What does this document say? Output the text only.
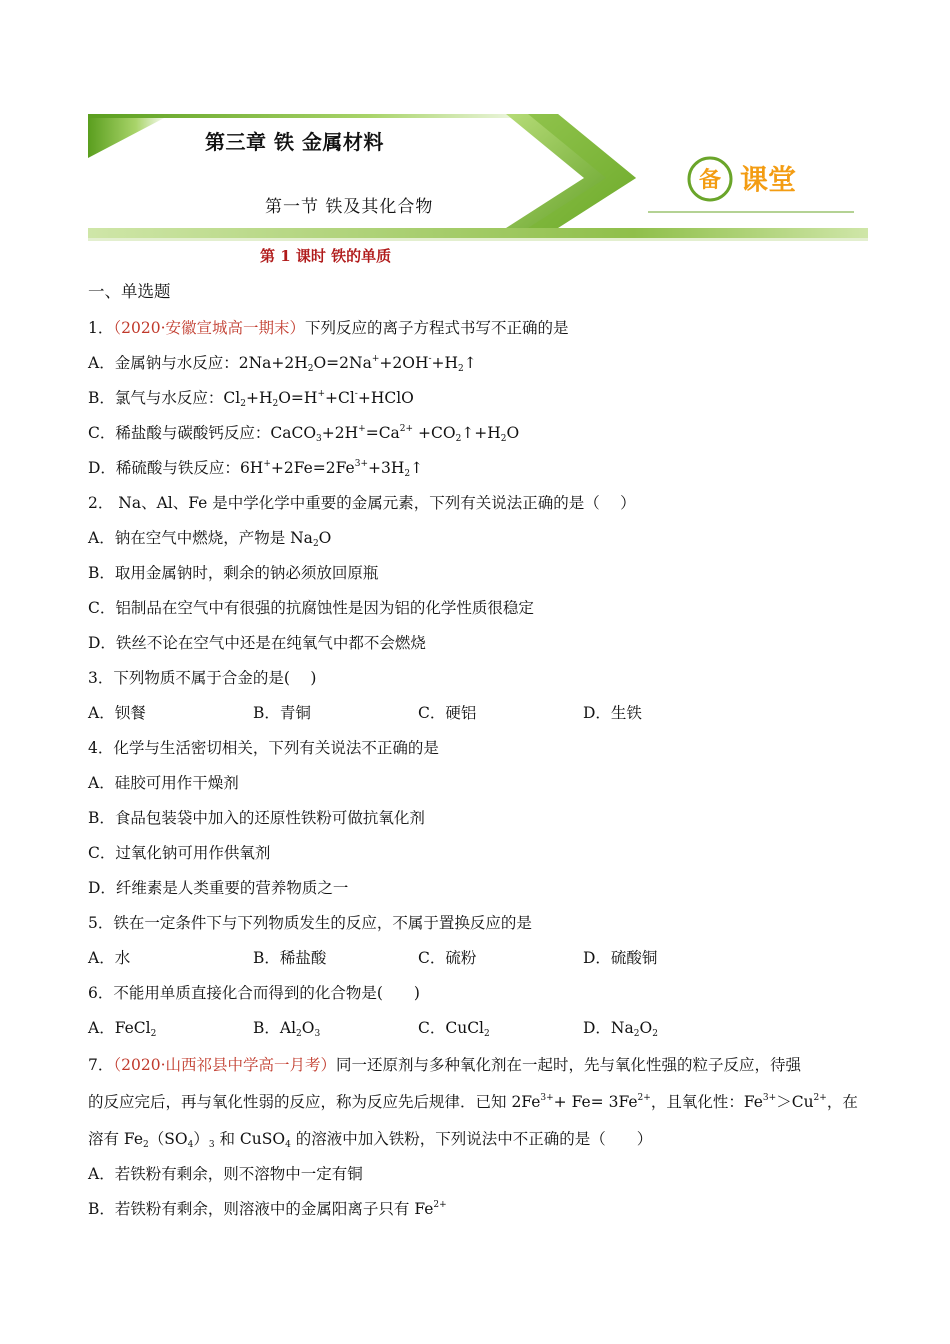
备 课堂
第三章 铁 金属材料
第一节 铁及其化合物
第 1 课时 铁的单质
一、单选题
1．（2020·安徽宣城高一期末）下列反应的离子方程式书写不正确的是
A．金属钠与水反应：$2Na+2H_2O=2Na^++2OH^-+H_2↑$
B．氯气与水反应：$Cl_2+H_2O=H^++Cl^-+HClO$
C．稀盐酸与碳酸钙反应：$CaCO_3+2H^+=Ca^{2+}$ $+CO_2↑+H_2O$
D．稀硫酸与铁反应：$6H^++2Fe=2Fe^{3+}+3H_2↑$
2． Na、Al、Fe 是中学化学中重要的金属元素，下列有关说法正确的是（　 ）
A．钠在空气中燃烧，产物是 $Na_2O$
B．取用金属钠时，剩余的钠必须放回原瓶
C．铝制品在空气中有很强的抗腐蚀性是因为铝的化学性质很稳定
D．铁丝不论在空气中还是在纯氧气中都不会燃烧
3．下列物质不属于合金的是(　 )
A．钡餐	B．青铜	C．硬铝	D．生铁
4．化学与生活密切相关，下列有关说法不正确的是
A．硅胶可用作干燥剂
B．食品包装袋中加入的还原性铁粉可做抗氧化剂
C．过氧化钠可用作供氧剂
D．纤维素是人类重要的营养物质之一
5．铁在一定条件下与下列物质发生的反应，不属于置换反应的是
A．水	B．稀盐酸	C．硫粉	D．硫酸铜
6．不能用单质直接化合而得到的化合物是(　　)
A．FeCl$_2$	B．$Al_2O_3$	C．CuCl$_2$	D．$Na_2O_2$
7．（2020·山西祁县中学高一月考）同一还原剂与多种氧化剂在一起时，先与氧化性强的粒子反应，待强
的反应完后，再与氧化性弱的反应，称为反应先后规律．已知 $2Fe^{3+}+ Fe= 3Fe^{2+}$，且氧化性：$Fe^{3+}>Cu^{2+}$，在
溶有 $Fe_2(SO_4)_3$ 和 CuSO$_4$ 的溶液中加入铁粉，下列说法中不正确的是（　　）
A．若铁粉有剩余，则不溶物中一定有铜
B．若铁粉有剩余，则溶液中的金属阳离子只有 $Fe^{2+}$
